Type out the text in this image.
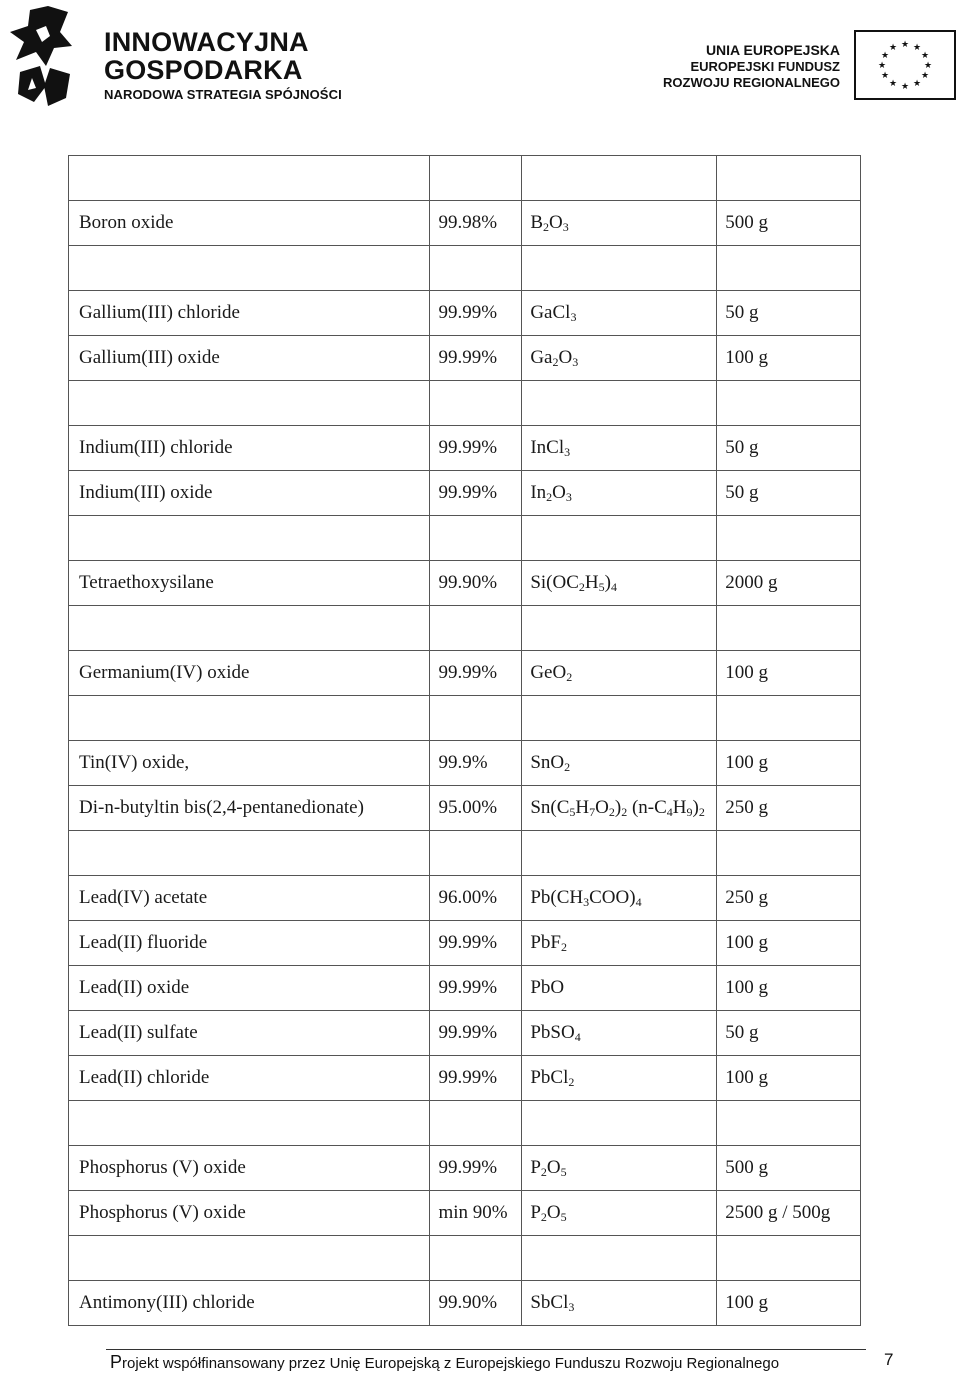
INNOWACYJNA
GOSPODARKA
NARODOWA STRATEGIA SPÓJNOŚCI
UNIA EUROPEJSKA
EUROPEJSKI FUNDUSZ
ROZWOJU REGIONALNEGO
★ ★
★
★
★
★
★
★
★
★
★
★

Boron oxide	99.98%	$B_2O_3$	500 g

Gallium(III) chloride	99.99%	GaCl$_3$	50 g
Gallium(III) oxide	99.99%	$Ga_2O_3$	100 g

Indium(III) chloride	99.99%	InCl$_3$	50 g
Indium(III) oxide	99.99%	$In_2O_3$	50 g

Tetraethoxysilane	99.90%	$Si(OC_2H_5)_4$	2000 g

Germanium(IV) oxide	99.99%	GeO$_2$	100 g

Tin(IV) oxide,	99.9%	SnO$_2$	100 g
Di-n-butyltin bis(2,4-pentanedionate)	95.00%	$Sn(C_5H_7O_2)_2$ $(n-C_4H_9)_2$	250 g

Lead(IV) acetate	96.00%	$Pb(CH_3COO)_4$	250 g
Lead(II) fluoride	99.99%	PbF$_2$	100 g
Lead(II) oxide	99.99%	PbO	100 g
Lead(II) sulfate	99.99%	PbSO$_4$	50 g
Lead(II) chloride	99.99%	PbCl$_2$	100 g

Phosphorus (V) oxide	99.99%	$P_2O_5$	500 g
Phosphorus (V) oxide	min 90%	$P_2O_5$	2500 g / 500g

Antimony(III) chloride	99.90%	SbCl$_3$	100 g
Projekt współfinansowany przez Unię Europejską z Europejskiego Funduszu Rozwoju Regionalnego	7
